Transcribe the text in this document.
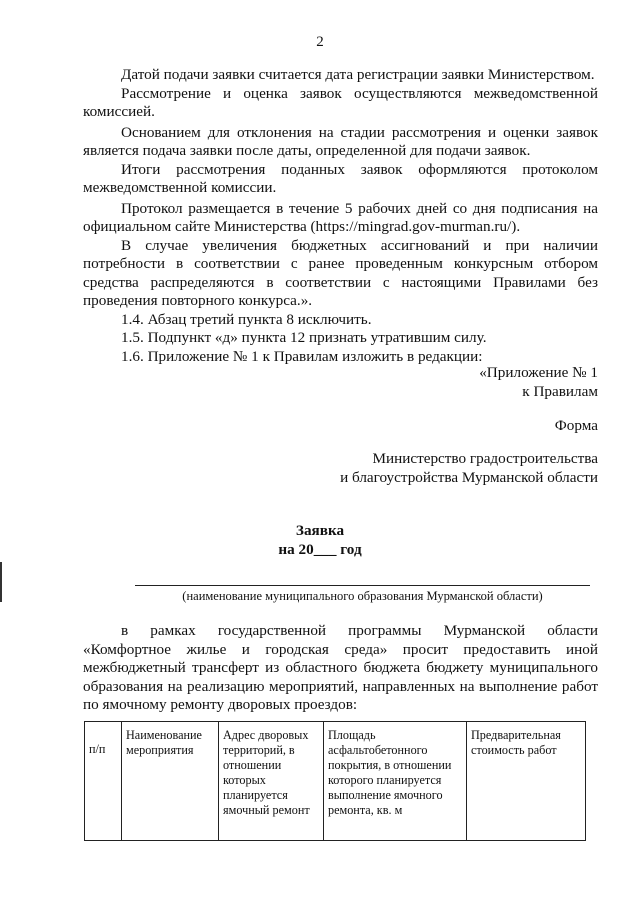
2

Датой подачи заявки считается дата регистрации заявки Министерством.

Рассмотрение и оценка заявок осуществляются межведомственной комиссией.

Основанием для отклонения на стадии рассмотрения и оценки заявок является подача заявки после даты, определенной для подачи заявок.

Итоги рассмотрения поданных заявок оформляются протоколом межведомственной комиссии.

Протокол размещается в течение 5 рабочих дней со дня подписания на официальном сайте Министерства (https://mingrad.gov-murman.ru/).

В случае увеличения бюджетных ассигнований и при наличии потребности в соответствии с ранее проведенным конкурсным отбором средства распределяются в соответствии с настоящими Правилами без проведения повторного конкурса.».

1.4. Абзац третий пункта 8 исключить.

1.5. Подпункт «д» пункта 12 признать утратившим силу.

1.6. Приложение № 1 к Правилам изложить в редакции:

«Приложение № 1
к Правилам
Форма
Министерство градостроительства
и благоустройства Мурманской области
Заявка
на 20___ год
(наименование муниципального образования Мурманской области)

в рамках государственной программы Мурманской области «Комфортное жилье и городская среда» просит предоставить иной межбюджетный трансферт из областного бюджета бюджету муниципального образования на реализацию мероприятий, направленных на выполнение работ по ямочному ремонту дворовых проездов:

п/п	Наименование мероприятия	Адрес дворовых территорий, в отношении которых планируется ямочный ремонт	Площадь асфальтобетонного покрытия, в отношении которого планируется выполнение ямочного ремонта, кв. м	Предварительная стоимость работ
